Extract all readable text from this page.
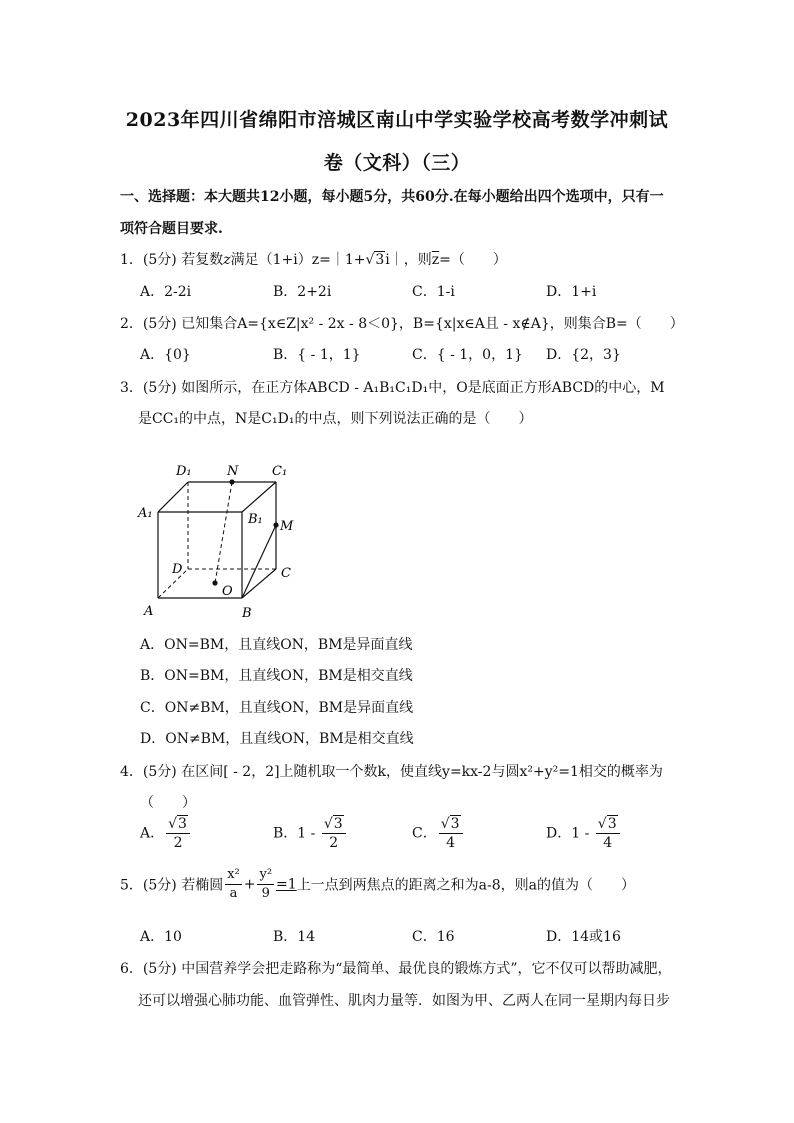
2023年四川省绵阳市涪城区南山中学实验学校高考数学冲刺试
卷（文科）（三）
一、选择题：本大题共12小题，每小题5分，共60分.在每小题给出四个选项中，只有一
项符合题目要求.
1．(5分) 若复数z满足（1+i）z=｜1+√3i｜，则$\overline{z}=$（　　）
A．2-2i	B．2+2i	C．1-i	D．1+i
2．(5分) 已知集合A={x∈Z|x² - 2x - 8＜0}，B={x|x∈A且 - x∉A}，则集合B=（　　）
A．{0}	B．{ - 1，1}	C．{ - 1，0，1} D．{2，3}
3．(5分) 如图所示，在正方体ABCD - A₁B₁C₁D₁中，O是底面正方形ABCD的中心，M
是CC₁的中点，N是C₁D₁的中点，则下列说法正确的是（　　）
D₁	N	C₁
A₁	B₁ M
D	C
O
A	B
A．ON=BM，且直线ON，BM是异面直线
B．ON=BM，且直线ON，BM是相交直线
C．ON≠BM，且直线ON，BM是异面直线
D．ON≠BM，且直线ON，BM是相交直线
4．(5分) 在区间[ - 2，2]上随机取一个数k，使直线y=kx-2与圆x²+y²=1相交的概率为
（　　）
A． $\frac{√3}{2}$	B．$1 - \frac{√3}{2}$	C． $\frac{√3}{4}$	D．$1 - \frac{√3}{4}$
5．(5分) 若椭圆 $\frac{\text{x²}}{a} + \frac{\text{y²}}{9} =1$上一点到两焦点的距离之和为a-8，则a的值为（　　）
A．10	B．14	C．16	D．14或16
6．(5分) 中国营养学会把走路称为“最简单、最优良的锻炼方式”，它不仅可以帮助减肥，
还可以增强心肺功能、血管弹性、肌肉力量等．如图为甲、乙两人在同一星期内每日步
